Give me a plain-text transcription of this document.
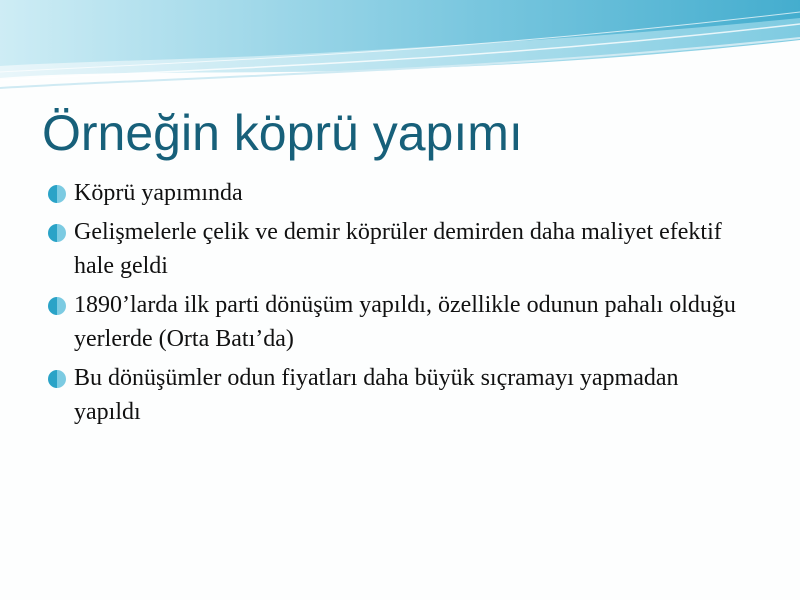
Örneğin köprü yapımı
Köprü yapımında
Gelişmelerle çelik ve demir köprüler demirden daha maliyet efektif hale geldi
1890’larda ilk parti dönüşüm yapıldı, özellikle odunun pahalı olduğu yerlerde (Orta Batı’da)
Bu dönüşümler odun fiyatları daha büyük sıçramayı yapmadan yapıldı
